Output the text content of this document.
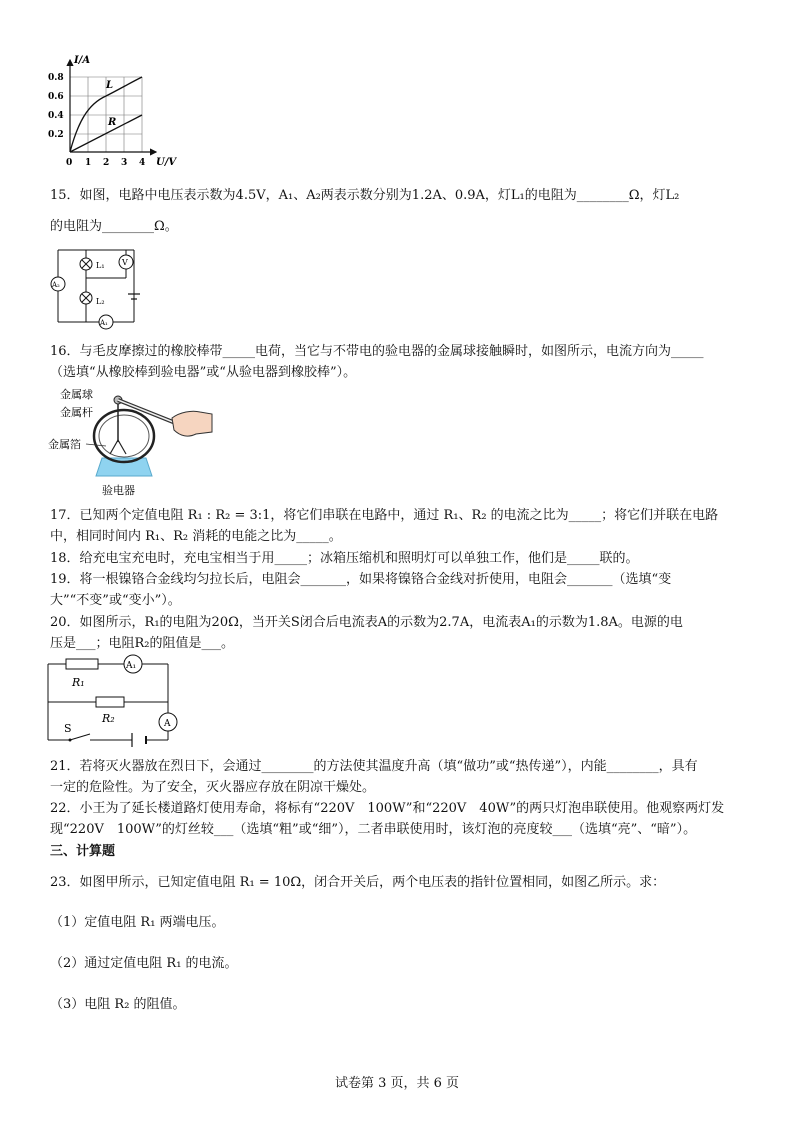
I/A
U/V
0.8
0.6
0.4
0.2
0 1 2 3 4
L
R
15．如图，电路中电压表示数为4.5V，A₁、A₂两表示数分别为1.2A、0.9A，灯L₁的电阻为________Ω，灯L₂
的电阻为________Ω。
A₂
L₁ V
L₂
A₁
16．与毛皮摩擦过的橡胶棒带_____电荷，当它与不带电的验电器的金属球接触瞬时，如图所示，电流方向为_____
（选填“从橡胶棒到验电器”或“从验电器到橡胶棒”）。
金属球
金属杆
金属箔
验电器
17．已知两个定值电阻 R₁ : R₂ = 3:1，将它们串联在电路中，通过 R₁、R₂ 的电流之比为_____；将它们并联在电路
中，相同时间内 R₁、R₂ 消耗的电能之比为_____。
18．给充电宝充电时，充电宝相当于用_____；冰箱压缩机和照明灯可以单独工作，他们是_____联的。
19．将一根镍铬合金线均匀拉长后，电阻会_______，如果将镍铬合金线对折使用，电阻会_______（选填“变
大”“不变”或“变小”）。
20．如图所示，R₁的电阻为20Ω，当开关S闭合后电流表A的示数为2.7A，电流表A₁的示数为1.8A。电源的电
压是___；电阻R₂的阻值是___。
R₁
A₁
R₂	A
S
21．若将灭火器放在烈日下，会通过________的方法使其温度升高（填“做功”或“热传递”），内能________，具有
一定的危险性。为了安全，灭火器应存放在阴凉干燥处。
22．小王为了延长楼道路灯使用寿命，将标有“220V　100W”和“220V　40W”的两只灯泡串联使用。他观察两灯发
现“220V　100W”的灯丝较___（选填“粗”或“细”），二者串联使用时，该灯泡的亮度较___（选填“亮”、“暗”）。
三、计算题
23．如图甲所示，已知定值电阻 R₁ = 10Ω，闭合开关后，两个电压表的指针位置相同，如图乙所示。求：
（1）定值电阻 R₁ 两端电压。
（2）通过定值电阻 R₁ 的电流。
（3）电阻 R₂ 的阻值。
试卷第 3 页，共 6 页
